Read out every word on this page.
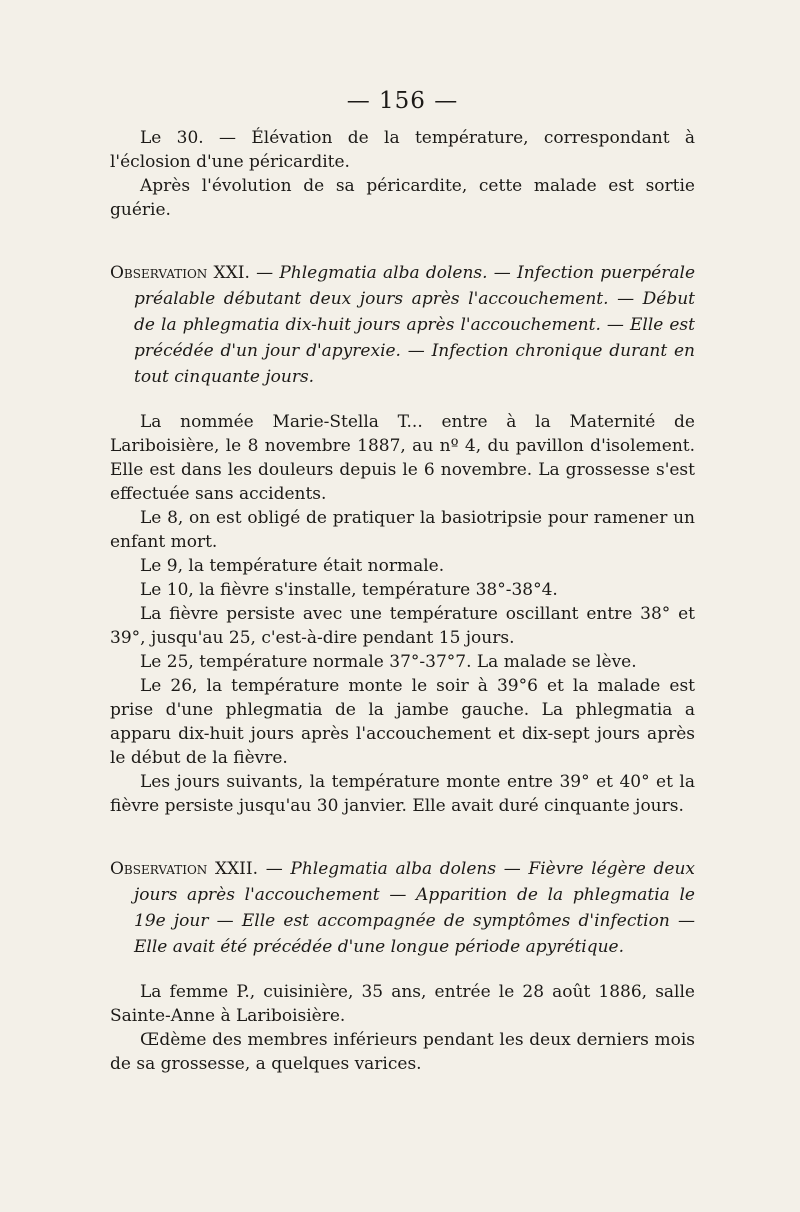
— 156 —

Le 30. — Élévation de la température, correspondant à l'éclosion d'une péricardite.

Après l'évolution de sa péricardite, cette malade est sortie guérie.

Observation XXI. — Phlegmatia alba dolens. — Infection puerpérale préalable débutant deux jours après l'accouchement. — Début de la phlegmatia dix-huit jours après l'accouchement. — Elle est précédée d'un jour d'apyrexie. — Infection chronique durant en tout cinquante jours.

La nommée Marie-Stella T... entre à la Maternité de Lariboisière, le 8 novembre 1887, au nº 4, du pavillon d'isolement. Elle est dans les douleurs depuis le 6 novembre. La grossesse s'est effectuée sans accidents.

Le 8, on est obligé de pratiquer la basiotripsie pour ramener un enfant mort.

Le 9, la température était normale.

Le 10, la fièvre s'installe, température 38°-38°4.

La fièvre persiste avec une température oscillant entre 38° et 39°, jusqu'au 25, c'est-à-dire pendant 15 jours.

Le 25, température normale 37°-37°7. La malade se lève.

Le 26, la température monte le soir à 39°6 et la malade est prise d'une phlegmatia de la jambe gauche. La phlegmatia a apparu dix-huit jours après l'accouchement et dix-sept jours après le début de la fièvre.

Les jours suivants, la température monte entre 39° et 40° et la fièvre persiste jusqu'au 30 janvier. Elle avait duré cinquante jours.

Observation XXII. — Phlegmatia alba dolens — Fièvre légère deux jours après l'accouchement — Apparition de la phlegmatia le 19e jour — Elle est accompagnée de symptômes d'infection — Elle avait été précédée d'une longue période apyrétique.

La femme P., cuisinière, 35 ans, entrée le 28 août 1886, salle Sainte-Anne à Lariboisière.

Œdème des membres inférieurs pendant les deux derniers mois de sa grossesse, a quelques varices.
